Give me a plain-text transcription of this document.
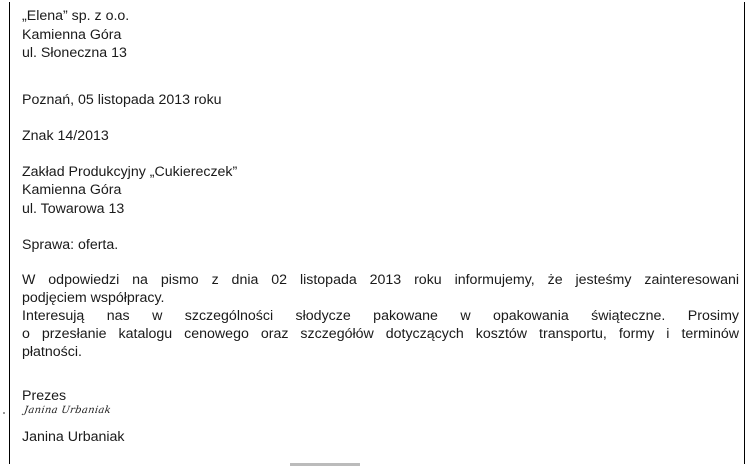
„Elena” sp. z o.o.
Kamienna Góra
ul. Słoneczna 13
Poznań, 05 listopada 2013 roku
Znak 14/2013
Zakład Produkcyjny „Cukiereczek”
Kamienna Góra
ul. Towarowa 13
Sprawa: oferta.
W odpowiedzi na pismo z dnia 02 listopada 2013 roku informujemy, że jesteśmy zainteresowani
podjęciem współpracy.
Interesują nas w szczególności słodycze pakowane w opakowania świąteczne. Prosimy
o przesłanie katalogu cenowego oraz szczegółów dotyczących kosztów transportu, formy i terminów
płatności.
Prezes
Janina Urbaniak
Janina Urbaniak
